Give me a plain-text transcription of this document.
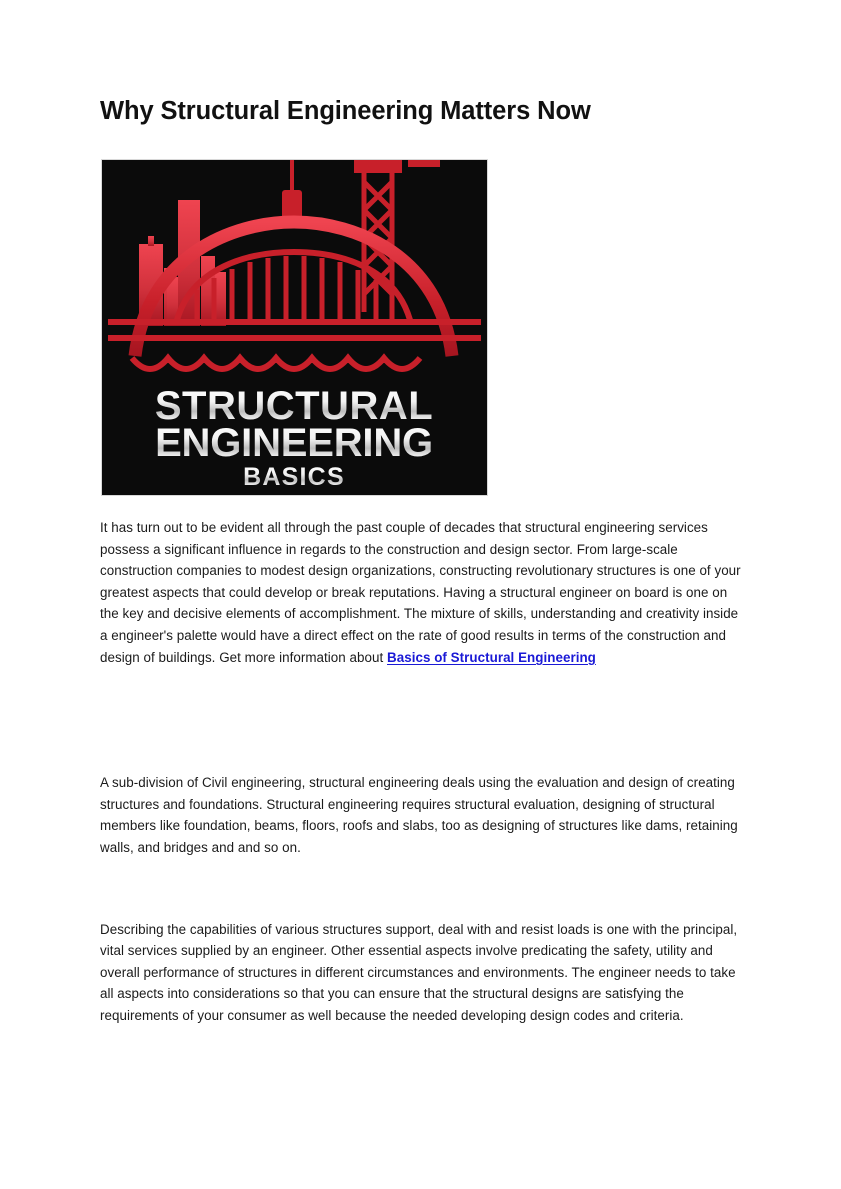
Why Structural Engineering Matters Now
STRUCTURAL
ENGINEERING
BASICS

It has turn out to be evident all through the past couple of decades that structural engineering services possess a significant influence in regards to the construction and design sector. From large-scale construction companies to modest design organizations, constructing revolutionary structures is one of your greatest aspects that could develop or break reputations. Having a structural engineer on board is one on the key and decisive elements of accomplishment. The mixture of skills, understanding and creativity inside a engineer's palette would have a direct effect on the rate of good results in terms of the construction and design of buildings. Get more information about Basics of Structural Engineering

A sub-division of Civil engineering, structural engineering deals using the evaluation and design of creating structures and foundations. Structural engineering requires structural evaluation, designing of structural members like foundation, beams, floors, roofs and slabs, too as designing of structures like dams, retaining walls, and bridges and and so on.

Describing the capabilities of various structures support, deal with and resist loads is one with the principal, vital services supplied by an engineer. Other essential aspects involve predicating the safety, utility and overall performance of structures in different circumstances and environments. The engineer needs to take all aspects into considerations so that you can ensure that the structural designs are satisfying the requirements of your consumer as well because the needed developing design codes and criteria.
